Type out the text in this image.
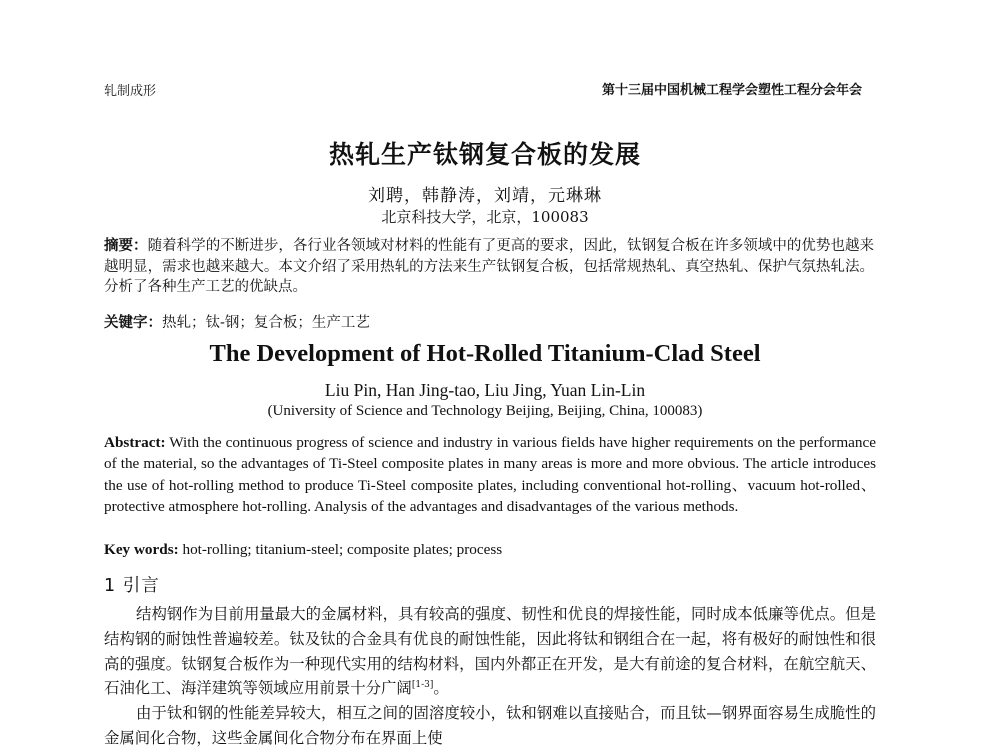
轧制成形	第十三届中国机械工程学会塑性工程分会年会
热轧生产钛钢复合板的发展
刘聘，韩静涛，刘靖，元琳琳
北京科技大学，北京，100083
摘要：随着科学的不断进步，各行业各领域对材料的性能有了更高的要求，因此，钛钢复合板在许多领域中的优势也越来越明显，需求也越来越大。本文介绍了采用热轧的方法来生产钛钢复合板，包括常规热轧、真空热轧、保护气氛热轧法。分析了各种生产工艺的优缺点。
关键字：热轧；钛-钢；复合板；生产工艺
The Development of Hot-Rolled Titanium-Clad Steel
Liu Pin, Han Jing-tao, Liu Jing, Yuan Lin-Lin
(University of Science and Technology Beijing, Beijing, China, 100083)
Abstract: With the continuous progress of science and industry in various fields have higher requirements on the performance of the material, so the advantages of Ti-Steel composite plates in many areas is more and more obvious. The article introduces the use of hot-rolling method to produce Ti-Steel composite plates, including conventional hot-rolling、vacuum hot-rolled、protective atmosphere hot-rolling. Analysis of the advantages and disadvantages of the various methods.
Key words: hot-rolling; titanium-steel; composite plates; process
1 引言
结构钢作为目前用量最大的金属材料，具有较高的强度、韧性和优良的焊接性能，同时成本低廉等优点。但是结构钢的耐蚀性普遍较差。钛及钛的合金具有优良的耐蚀性能，因此将钛和钢组合在一起，将有极好的耐蚀性和很高的强度。钛钢复合板作为一种现代实用的结构材料，国内外都正在开发，是大有前途的复合材料，在航空航天、石油化工、海洋建筑等领域应用前景十分广阔[1-3]。
由于钛和钢的性能差异较大，相互之间的固溶度较小，钛和钢难以直接贴合，而且钛—钢界面容易生成脆性的金属间化合物，这些金属间化合物分布在界面上使
